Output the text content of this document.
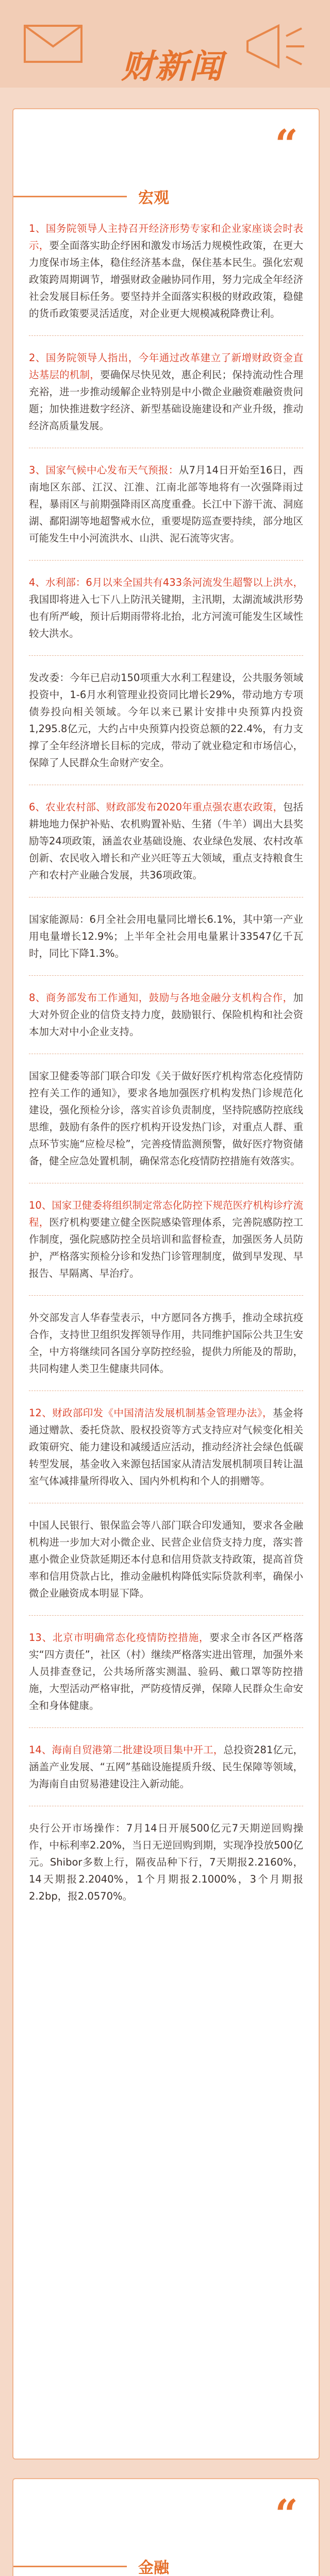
财新闻
“
宏观
1、国务院领导人主持召开经济形势专家和企业家座谈会时表示，要全面落实助企纾困和激发市场活力规模性政策，在更大力度保市场主体，稳住经济基本盘，保住基本民生。强化宏观政策跨周期调节，增强财政金融协同作用，努力完成全年经济社会发展目标任务。要坚持并全面落实积极的财政政策，稳健的货币政策要灵活适度，对企业更大规模减税降费让利。
2、国务院领导人指出，今年通过改革建立了新增财政资金直达基层的机制，要确保尽快见效，惠企利民；保持流动性合理充裕，进一步推动缓解企业特别是中小微企业融资难融资贵问题；加快推进数字经济、新型基础设施建设和产业升级，推动经济高质量发展。
3、国家气候中心发布天气预报：从7月14日开始至16日，西南地区东部、江汉、江淮、江南北部等地将有一次强降雨过程，暴雨区与前期强降雨区高度重叠。长江中下游干流、洞庭湖、鄱阳湖等地超警戒水位，重要堤防巡查要持续，部分地区可能发生中小河流洪水、山洪、泥石流等灾害。
4、水利部：6月以来全国共有433条河流发生超警以上洪水，我国即将进入七下八上防汛关键期，主汛期，太湖流域洪形势也有所严峻，预计后期雨带将北抬，北方河流可能发生区域性较大洪水。
发改委：今年已启动150项重大水利工程建设，公共服务领域投资中，1-6月水利管理业投资同比增长29%，带动地方专项债券投向相关领域。今年以来已累计安排中央预算内投资1,295.8亿元，大约占中央预算内投资总额的22.4%，有力支撑了全年经济增长目标的完成，带动了就业稳定和市场信心，保障了人民群众生命财产安全。
6、农业农村部、财政部发布2020年重点强农惠农政策，包括耕地地力保护补贴、农机购置补贴、生猪（牛羊）调出大县奖励等24项政策，涵盖农业基础设施、农业绿色发展、农村改革创新、农民收入增长和产业兴旺等五大领域，重点支持粮食生产和农村产业融合发展，共36项政策。
国家能源局：6月全社会用电量同比增长6.1%，其中第一产业用电量增长12.9%；上半年全社会用电量累计33547亿千瓦时，同比下降1.3%。
8、商务部发布工作通知，鼓励与各地金融分支机构合作，加大对外贸企业的信贷支持力度，鼓励银行、保险机构和社会资本加大对中小企业支持。
国家卫健委等部门联合印发《关于做好医疗机构常态化疫情防控有关工作的通知》，要求各地加强医疗机构发热门诊规范化建设，强化预检分诊，落实首诊负责制度，坚持院感防控底线思维，鼓励有条件的医疗机构开设发热门诊，对重点人群、重点环节实施“应检尽检”，完善疫情监测预警，做好医疗物资储备，健全应急处置机制，确保常态化疫情防控措施有效落实。
10、国家卫健委将组织制定常态化防控下规范医疗机构诊疗流程，医疗机构要建立健全医院感染管理体系，完善院感防控工作制度，强化院感防控全员培训和监督检查，加强医务人员防护，严格落实预检分诊和发热门诊管理制度，做到早发现、早报告、早隔离、早治疗。
外交部发言人华春莹表示，中方愿同各方携手，推动全球抗疫合作，支持世卫组织发挥领导作用，共同维护国际公共卫生安全，中方将继续同各国分享防控经验，提供力所能及的帮助，共同构建人类卫生健康共同体。
12、财政部印发《中国清洁发展机制基金管理办法》，基金将通过赠款、委托贷款、股权投资等方式支持应对气候变化相关政策研究、能力建设和减缓适应活动，推动经济社会绿色低碳转型发展，基金收入来源包括国家从清洁发展机制项目转让温室气体减排量所得收入、国内外机构和个人的捐赠等。
中国人民银行、银保监会等八部门联合印发通知，要求各金融机构进一步加大对小微企业、民营企业信贷支持力度，落实普惠小微企业贷款延期还本付息和信用贷款支持政策，提高首贷率和信用贷款占比，推动金融机构降低实际贷款利率，确保小微企业融资成本明显下降。
13、北京市明确常态化疫情防控措施，要求全市各区严格落实“四方责任”，社区（村）继续严格落实进出管理，加强外来人员排查登记，公共场所落实测温、验码、戴口罩等防控措施，大型活动严格审批，严防疫情反弹，保障人民群众生命安全和身体健康。
14、海南自贸港第二批建设项目集中开工，总投资281亿元，涵盖产业发展、“五网”基础设施提质升级、民生保障等领域，为海南自由贸易港建设注入新动能。
央行公开市场操作：7月14日开展500亿元7天期逆回购操作，中标利率2.20%，当日无逆回购到期，实现净投放500亿元。Shibor多数上行，隔夜品种下行，7天期报2.2160%，14天期报2.2040%，1个月期报2.1000%，3个月期报2.2bp，报2.0570%。
“
金融
